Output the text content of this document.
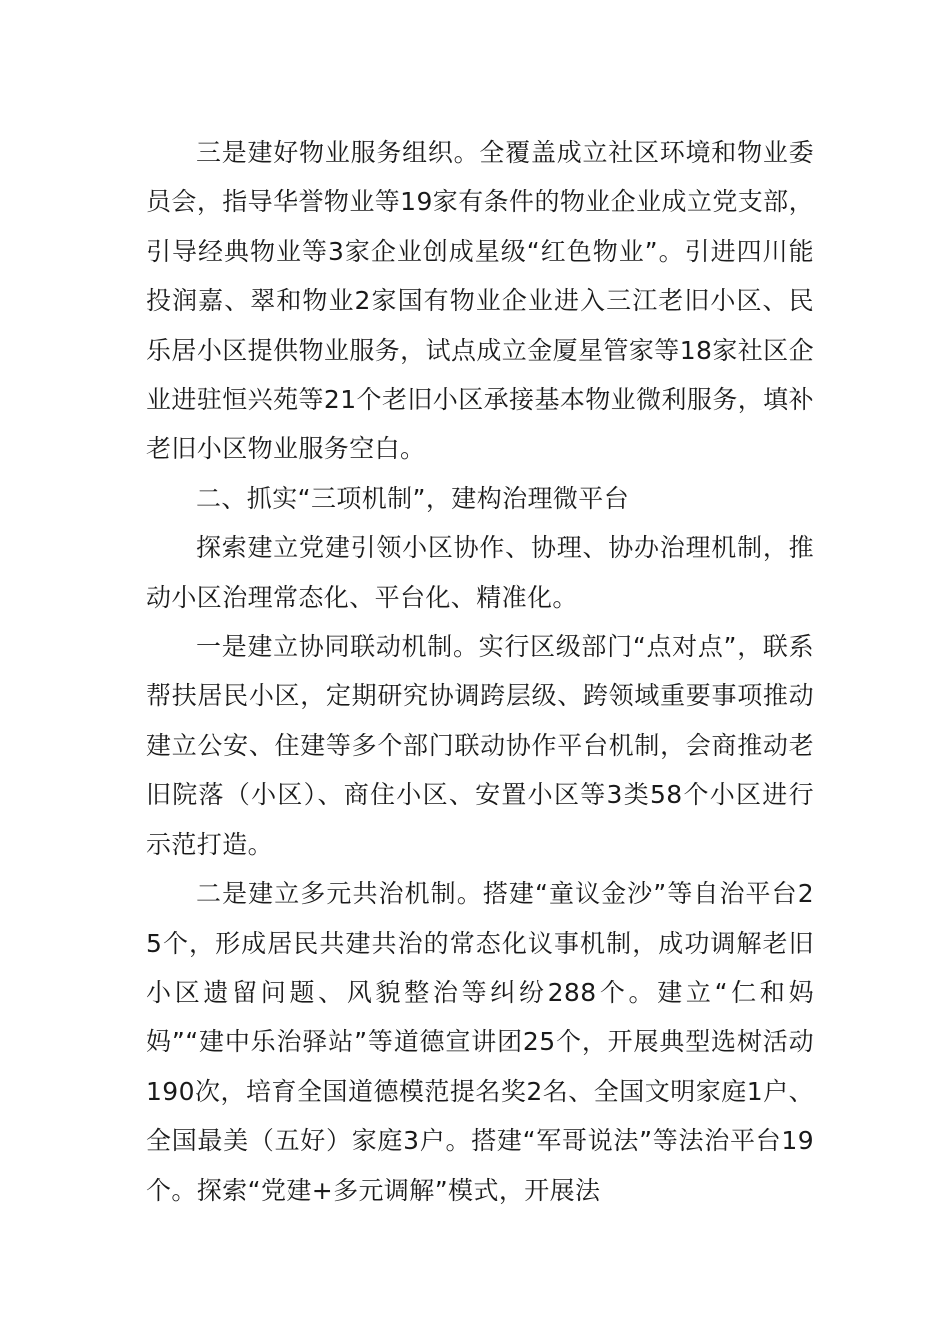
三是建好物业服务组织。全覆盖成立社区环境和物业委员会，指导华誉物业等19家有条件的物业企业成立党支部，引导经典物业等3家企业创成星级“红色物业”。引进四川能投润嘉、翠和物业2家国有物业企业进入三江老旧小区、民乐居小区提供物业服务，试点成立金厦星管家等18家社区企业进驻恒兴苑等21个老旧小区承接基本物业微利服务，填补老旧小区物业服务空白。

二、抓实“三项机制”，建构治理微平台

探索建立党建引领小区协作、协理、协办治理机制，推动小区治理常态化、平台化、精准化。

一是建立协同联动机制。实行区级部门“点对点”，联系帮扶居民小区，定期研究协调跨层级、跨领域重要事项推动建立公安、住建等多个部门联动协作平台机制，会商推动老旧院落（小区）、商住小区、安置小区等3类58个小区进行示范打造。

二是建立多元共治机制。搭建“童议金沙”等自治平台25个，形成居民共建共治的常态化议事机制，成功调解老旧小区遗留问题、风貌整治等纠纷288个。建立“仁和妈妈”“建中乐治驿站”等道德宣讲团25个，开展典型选树活动190次，培育全国道德模范提名奖2名、全国文明家庭1户、全国最美（五好）家庭3户。搭建“军哥说法”等法治平台19个。探索“党建+多元调解”模式，开展法
